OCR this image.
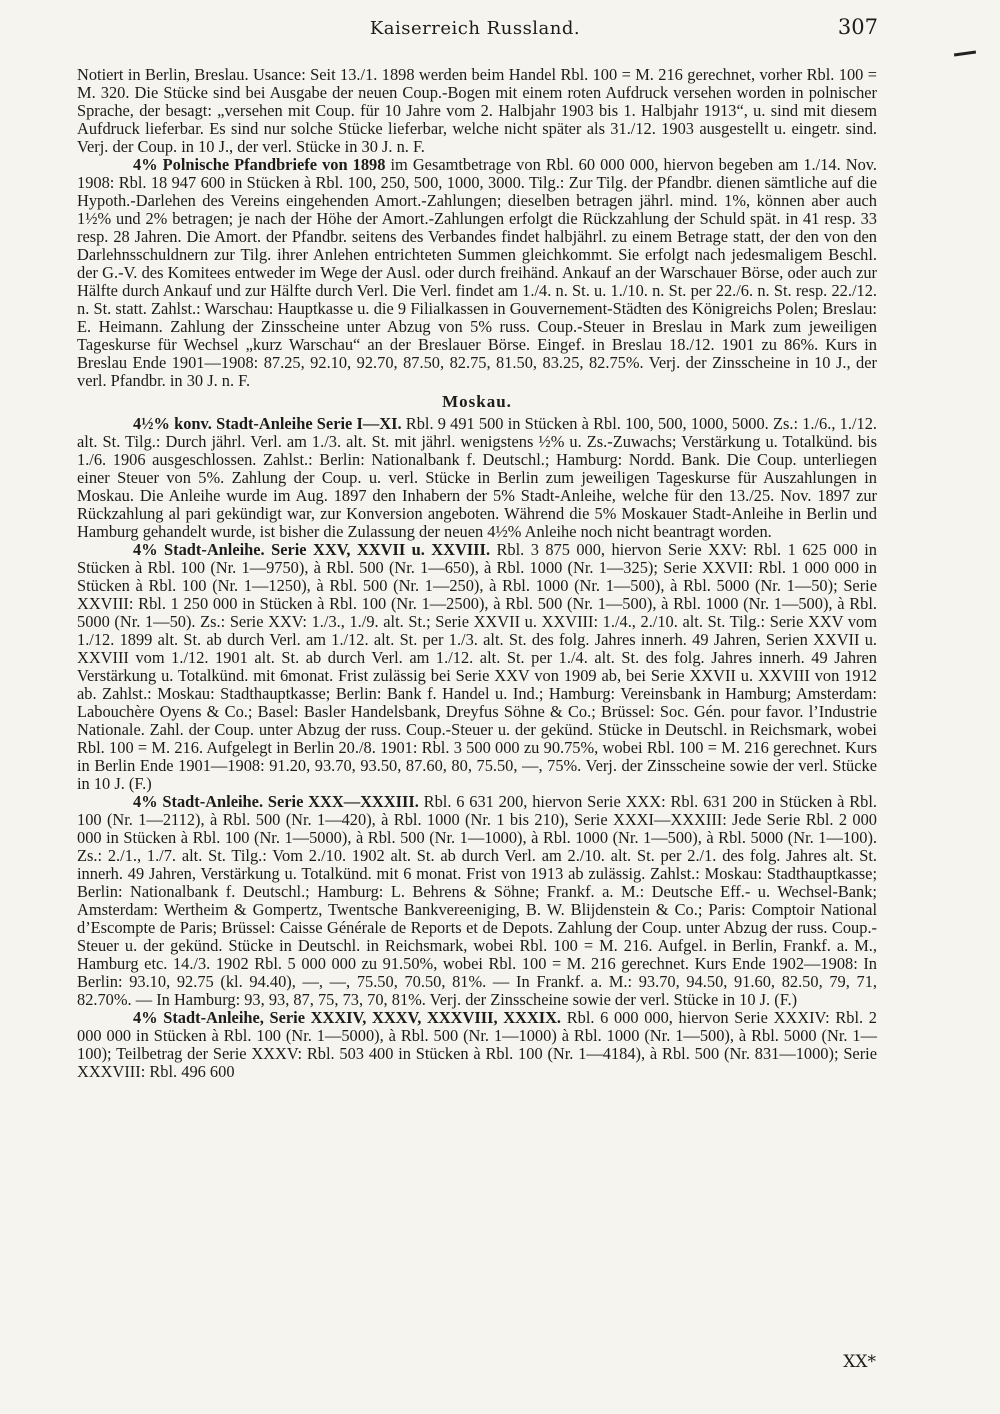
Kaiserreich Russland.	307

Notiert in Berlin, Breslau. Usance: Seit 13./1. 1898 werden beim Handel Rbl. 100 = M. 216 gerechnet, vorher Rbl. 100 = M. 320. Die Stücke sind bei Ausgabe der neuen Coup.-Bogen mit einem roten Aufdruck versehen worden in polnischer Sprache, der besagt: „versehen mit Coup. für 10 Jahre vom 2. Halbjahr 1903 bis 1. Halbjahr 1913“, u. sind mit diesem Aufdruck lieferbar. Es sind nur solche Stücke lieferbar, welche nicht später als 31./12. 1903 ausgestellt u. eingetr. sind. Verj. der Coup. in 10 J., der verl. Stücke in 30 J. n. F.

4% Polnische Pfandbriefe von 1898 im Gesamtbetrage von Rbl. 60 000 000, hiervon begeben am 1./14. Nov. 1908: Rbl. 18 947 600 in Stücken à Rbl. 100, 250, 500, 1000, 3000. Tilg.: Zur Tilg. der Pfandbr. dienen sämtliche auf die Hypoth.-Darlehen des Vereins eingehenden Amort.-Zahlungen; dieselben betragen jährl. mind. 1%, können aber auch 1½% und 2% betragen; je nach der Höhe der Amort.-Zahlungen erfolgt die Rückzahlung der Schuld spät. in 41 resp. 33 resp. 28 Jahren. Die Amort. der Pfandbr. seitens des Verbandes findet halbjährl. zu einem Betrage statt, der den von den Darlehnsschuldnern zur Tilg. ihrer Anlehen entrichteten Summen gleichkommt. Sie erfolgt nach jedesmaligem Beschl. der G.-V. des Komitees entweder im Wege der Ausl. oder durch freihänd. Ankauf an der Warschauer Börse, oder auch zur Hälfte durch Ankauf und zur Hälfte durch Verl. Die Verl. findet am 1./4. n. St. u. 1./10. n. St. per 22./6. n. St. resp. 22./12. n. St. statt. Zahlst.: Warschau: Hauptkasse u. die 9 Filialkassen in Gouvernement-Städten des Königreichs Polen; Breslau: E. Heimann. Zahlung der Zinsscheine unter Abzug von 5% russ. Coup.-Steuer in Breslau in Mark zum jeweiligen Tageskurse für Wechsel „kurz Warschau“ an der Breslauer Börse. Eingef. in Breslau 18./12. 1901 zu 86%. Kurs in Breslau Ende 1901—1908: 87.25, 92.10, 92.70, 87.50, 82.75, 81.50, 83.25, 82.75%. Verj. der Zinsscheine in 10 J., der verl. Pfandbr. in 30 J. n. F.

Moskau.

4½% konv. Stadt-Anleihe Serie I—XI. Rbl. 9 491 500 in Stücken à Rbl. 100, 500, 1000, 5000. Zs.: 1./6., 1./12. alt. St. Tilg.: Durch jährl. Verl. am 1./3. alt. St. mit jährl. wenigstens ½% u. Zs.-Zuwachs; Verstärkung u. Totalkünd. bis 1./6. 1906 ausgeschlossen. Zahlst.: Berlin: Nationalbank f. Deutschl.; Hamburg: Nordd. Bank. Die Coup. unterliegen einer Steuer von 5%. Zahlung der Coup. u. verl. Stücke in Berlin zum jeweiligen Tageskurse für Auszahlungen in Moskau. Die Anleihe wurde im Aug. 1897 den Inhabern der 5% Stadt-Anleihe, welche für den 13./25. Nov. 1897 zur Rückzahlung al pari gekündigt war, zur Konversion angeboten. Während die 5% Moskauer Stadt-Anleihe in Berlin und Hamburg gehandelt wurde, ist bisher die Zulassung der neuen 4½% Anleihe noch nicht beantragt worden.

4% Stadt-Anleihe. Serie XXV, XXVII u. XXVIII. Rbl. 3 875 000, hiervon Serie XXV: Rbl. 1 625 000 in Stücken à Rbl. 100 (Nr. 1—9750), à Rbl. 500 (Nr. 1—650), à Rbl. 1000 (Nr. 1—325); Serie XXVII: Rbl. 1 000 000 in Stücken à Rbl. 100 (Nr. 1—1250), à Rbl. 500 (Nr. 1—250), à Rbl. 1000 (Nr. 1—500), à Rbl. 5000 (Nr. 1—50); Serie XXVIII: Rbl. 1 250 000 in Stücken à Rbl. 100 (Nr. 1—2500), à Rbl. 500 (Nr. 1—500), à Rbl. 1000 (Nr. 1—500), à Rbl. 5000 (Nr. 1—50). Zs.: Serie XXV: 1./3., 1./9. alt. St.; Serie XXVII u. XXVIII: 1./4., 2./10. alt. St. Tilg.: Serie XXV vom 1./12. 1899 alt. St. ab durch Verl. am 1./12. alt. St. per 1./3. alt. St. des folg. Jahres innerh. 49 Jahren, Serien XXVII u. XXVIII vom 1./12. 1901 alt. St. ab durch Verl. am 1./12. alt. St. per 1./4. alt. St. des folg. Jahres innerh. 49 Jahren Verstärkung u. Totalkünd. mit 6monat. Frist zulässig bei Serie XXV von 1909 ab, bei Serie XXVII u. XXVIII von 1912 ab. Zahlst.: Moskau: Stadthauptkasse; Berlin: Bank f. Handel u. Ind.; Hamburg: Vereinsbank in Hamburg; Amsterdam: Labouchère Oyens & Co.; Basel: Basler Handelsbank, Dreyfus Söhne & Co.; Brüssel: Soc. Gén. pour favor. l’Industrie Nationale. Zahl. der Coup. unter Abzug der russ. Coup.-Steuer u. der gekünd. Stücke in Deutschl. in Reichsmark, wobei Rbl. 100 = M. 216. Aufgelegt in Berlin 20./8. 1901: Rbl. 3 500 000 zu 90.75%, wobei Rbl. 100 = M. 216 gerechnet. Kurs in Berlin Ende 1901—1908: 91.20, 93.70, 93.50, 87.60, 80, 75.50, —, 75%. Verj. der Zinsscheine sowie der verl. Stücke in 10 J. (F.)

4% Stadt-Anleihe. Serie XXX—XXXIII. Rbl. 6 631 200, hiervon Serie XXX: Rbl. 631 200 in Stücken à Rbl. 100 (Nr. 1—2112), à Rbl. 500 (Nr. 1—420), à Rbl. 1000 (Nr. 1 bis 210), Serie XXXI—XXXIII: Jede Serie Rbl. 2 000 000 in Stücken à Rbl. 100 (Nr. 1—5000), à Rbl. 500 (Nr. 1—1000), à Rbl. 1000 (Nr. 1—500), à Rbl. 5000 (Nr. 1—100). Zs.: 2./1., 1./7. alt. St. Tilg.: Vom 2./10. 1902 alt. St. ab durch Verl. am 2./10. alt. St. per 2./1. des folg. Jahres alt. St. innerh. 49 Jahren, Verstärkung u. Totalkünd. mit 6 monat. Frist von 1913 ab zulässig. Zahlst.: Moskau: Stadthauptkasse; Berlin: Nationalbank f. Deutschl.; Hamburg: L. Behrens & Söhne; Frankf. a. M.: Deutsche Eff.- u. Wechsel-Bank; Amsterdam: Wertheim & Gompertz, Twentsche Bankvereeniging, B. W. Blijdenstein & Co.; Paris: Comptoir National d’Escompte de Paris; Brüssel: Caisse Générale de Reports et de Depots. Zahlung der Coup. unter Abzug der russ. Coup.-Steuer u. der gekünd. Stücke in Deutschl. in Reichsmark, wobei Rbl. 100 = M. 216. Aufgel. in Berlin, Frankf. a. M., Hamburg etc. 14./3. 1902 Rbl. 5 000 000 zu 91.50%, wobei Rbl. 100 = M. 216 gerechnet. Kurs Ende 1902—1908: In Berlin: 93.10, 92.75 (kl. 94.40), —, —, 75.50, 70.50, 81%. — In Frankf. a. M.: 93.70, 94.50, 91.60, 82.50, 79, 71, 82.70%. — In Hamburg: 93, 93, 87, 75, 73, 70, 81%. Verj. der Zinsscheine sowie der verl. Stücke in 10 J. (F.)

4% Stadt-Anleihe, Serie XXXIV, XXXV, XXXVIII, XXXIX. Rbl. 6 000 000, hiervon Serie XXXIV: Rbl. 2 000 000 in Stücken à Rbl. 100 (Nr. 1—5000), à Rbl. 500 (Nr. 1—1000) à Rbl. 1000 (Nr. 1—500), à Rbl. 5000 (Nr. 1—100); Teilbetrag der Serie XXXV: Rbl. 503 400 in Stücken à Rbl. 100 (Nr. 1—4184), à Rbl. 500 (Nr. 831—1000); Serie XXXVIII: Rbl. 496 600

XX*
